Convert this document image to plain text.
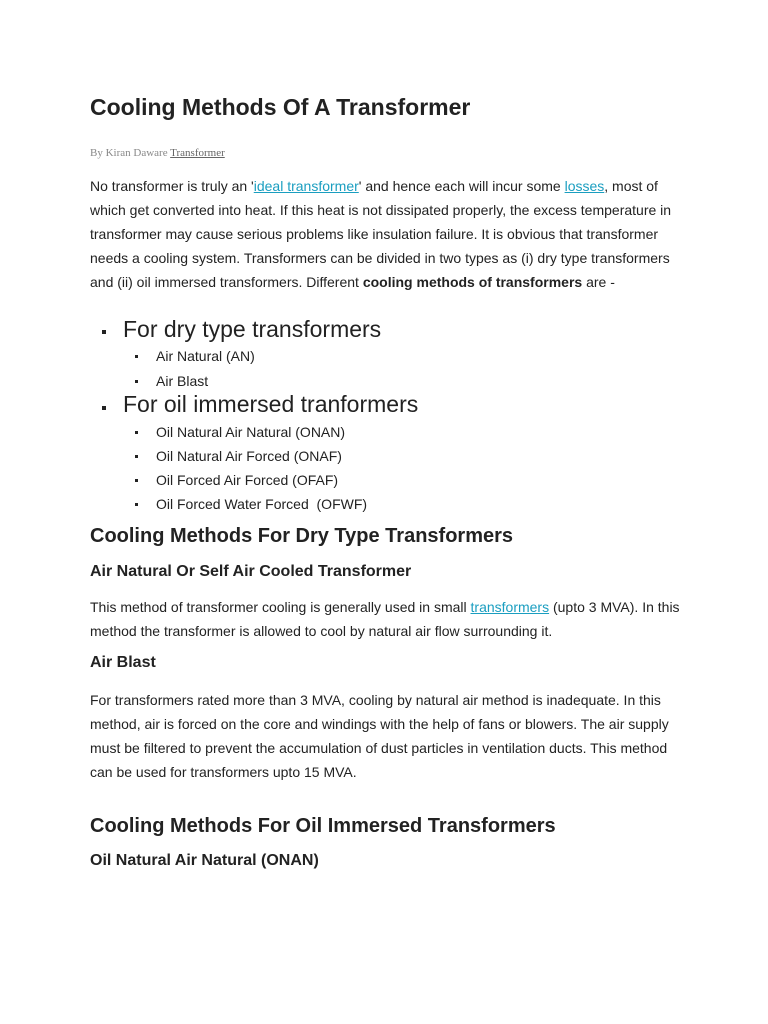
Cooling Methods Of A Transformer
By Kiran Daware Transformer

No transformer is truly an 'ideal transformer' and hence each will incur some losses, most of which get converted into heat. If this heat is not dissipated properly, the excess temperature in transformer may cause serious problems like insulation failure. It is obvious that transformer needs a cooling system. Transformers can be divided in two types as (i) dry type transformers and (ii) oil immersed transformers. Different cooling methods of transformers are -

For dry type transformers
Air Natural (AN)
Air Blast
For oil immersed tranformers
Oil Natural Air Natural (ONAN)
Oil Natural Air Forced (ONAF)
Oil Forced Air Forced (OFAF)
Oil Forced Water Forced  (OFWF)
Cooling Methods For Dry Type Transformers
Air Natural Or Self Air Cooled Transformer

This method of transformer cooling is generally used in small transformers (upto 3 MVA). In this method the transformer is allowed to cool by natural air flow surrounding it.

Air Blast

For transformers rated more than 3 MVA, cooling by natural air method is inadequate. In this method, air is forced on the core and windings with the help of fans or blowers. The air supply must be filtered to prevent the accumulation of dust particles in ventilation ducts. This method can be used for transformers upto 15 MVA.

Cooling Methods For Oil Immersed Transformers
Oil Natural Air Natural (ONAN)
